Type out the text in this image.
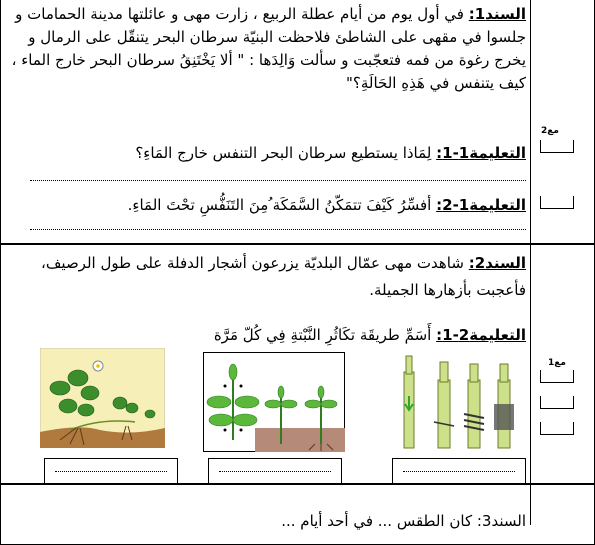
السند1: في أول يوم من أيام عطلة الربيع ، زارت مهى و عائلتها مدينة الحمامات و جلسوا في مقهى على الشاطئ فلاحظت البنيّة سرطان البحر يتنقّل على الرمال و يخرج رغوة من فمه فتعجّبت و سألت وَالِدَها : " ألا يَخْتَنِقُ سرطان البحر خارج الماء ، كيف يتنفس في هَذِهِ الحَالَةِ؟"
التعليمة1-1: لِمَاذا يستطيع سرطان البحر التنفس خارج المَاءِ؟
التعليمة1-2: أفسِّرُ كَيْفَ تتمَكّنُ السَّمَكَة ُمِنَ التَنَفُّسِ تحْتَ المَاءِ.
مع2
السند2: شاهدت مهى عمّال البلديّة يزرعون أشجار الدفلة على طول الرصيف، فأعجبت بأزهارها الجميلة.
التعليمة2-1: أَسَمِّ طريقَة تكَاثُرِ النَّبْتةِ فِي كُلّ مَرَّة
مع1
السند3: كان الطقس ... في أحد أيام ...
